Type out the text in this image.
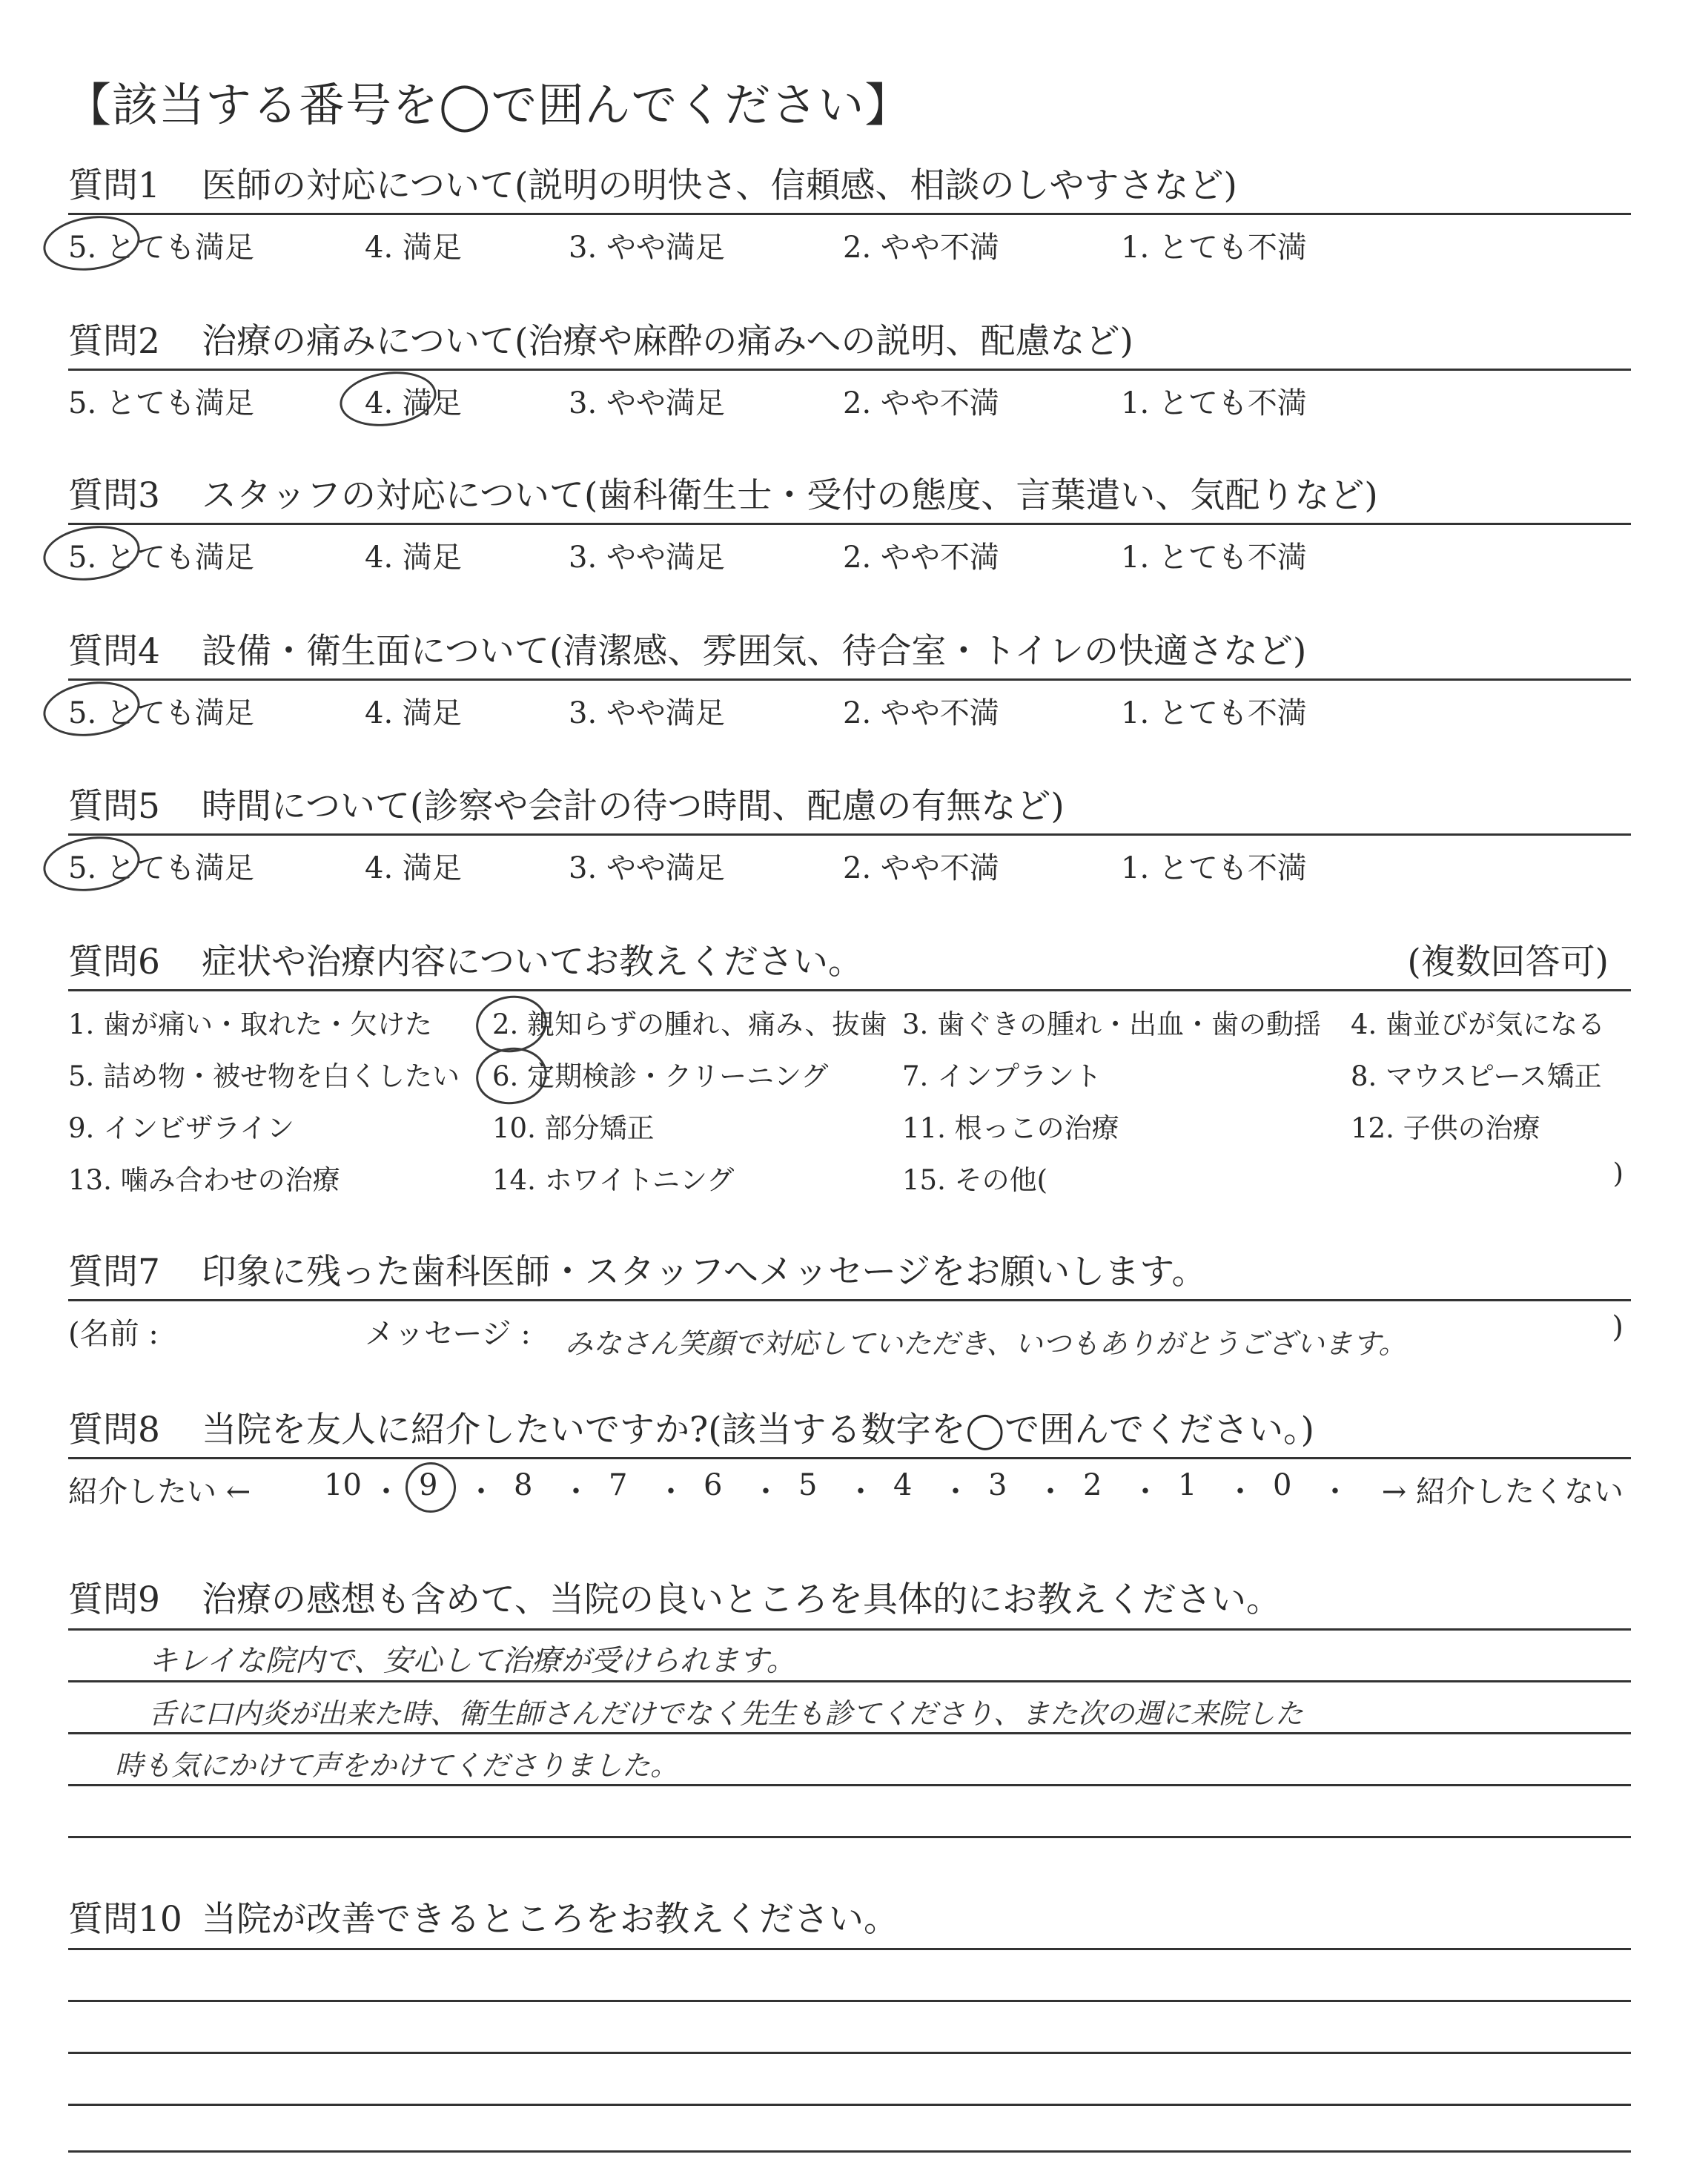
【該当する番号を◯で囲んでください】
質問1 医師の対応について(説明の明快さ、信頼感、相談のしやすさなど)
5. とても満足	4. 満足	3. やや満足	2. やや不満	1. とても不満
質問2 治療の痛みについて(治療や麻酔の痛みへの説明、配慮など)
5. とても満足	4. 満足	3. やや満足	2. やや不満	1. とても不満
質問3 スタッフの対応について(歯科衛生士・受付の態度、言葉遣い、気配りなど)
5. とても満足	4. 満足	3. やや満足	2. やや不満	1. とても不満
質問4 設備・衛生面について(清潔感、雰囲気、待合室・トイレの快適さなど)
5. とても満足	4. 満足	3. やや満足	2. やや不満	1. とても不満
質問5 時間について(診察や会計の待つ時間、配慮の有無など)
5. とても満足	4. 満足	3. やや満足	2. やや不満	1. とても不満
質問6 症状や治療内容についてお教えください。	(複数回答可)
1. 歯が痛い・取れた・欠けた 2. 親知らずの腫れ、痛み、抜歯 3. 歯ぐきの腫れ・出血・歯の動揺 4. 歯並びが気になる
5. 詰め物・被せ物を白くしたい 6. 定期検診・クリーニング	7. インプラント	8. マウスピース矯正
9. インビザライン	10. 部分矯正	11. 根っこの治療	12. 子供の治療
13. 噛み合わせの治療	14. ホワイトニング	15. その他(	)
質問7 印象に残った歯科医師・スタッフへメッセージをお願いします。
(名前 :	メッセージ : みなさん笑顔で対応していただき、いつもありがとうございます。	)
質問8 当院を友人に紹介したいですか?(該当する数字を◯で囲んでください。)
紹介したい ←	→ 紹介したくない
10 ・ 9 ・ 8 ・ 7 ・ 6 ・ 5 ・ 4 ・ 3 ・ 2 ・ 1 ・ 0 ・
質問9 治療の感想も含めて、当院の良いところを具体的にお教えください。
キレイな院内で、安心して治療が受けられます。
舌に口内炎が出来た時、衛生師さんだけでなく先生も診てくださり、また次の週に来院した
時も気にかけて声をかけてくださりました。
質問10 当院が改善できるところをお教えください。
